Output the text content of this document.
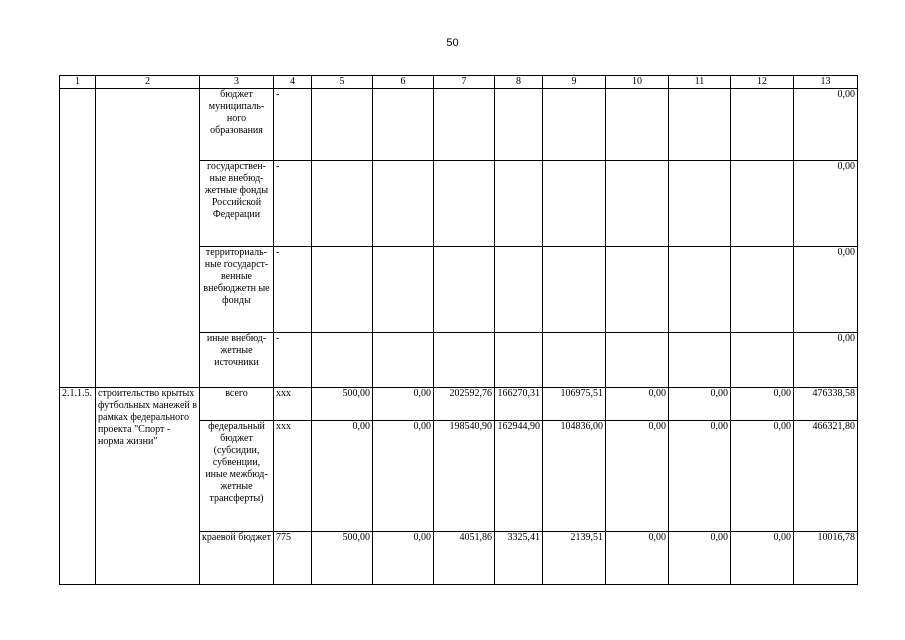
50
1	2	3	4	5	6	7	8	9	10	11	12	13
		бюджет муниципаль-ного образования	-									0,00
		государствен-ные внебюд-жетные фонды Российской Федерации	-									0,00
		территориаль-ные государст-венные внебюджетн ые фонды	-									0,00
		иные внебюд-жетные источники	-									0,00
2.1.1.5.	строительство крытых футбольных манежей в рамках федерального проекта "Спорт - норма жизни"	всего	ххх	500,00	0,00	202592,76	166270,31	106975,51	0,00	0,00	0,00	476338,58
		федеральный бюджет (субсидии, субвенции, иные межбюд-жетные трансферты)	ххх	0,00	0,00	198540,90	162944,90	104836,00	0,00	0,00	0,00	466321,80
		краевой бюджет	775	500,00	0,00	4051,86	3325,41	2139,51	0,00	0,00	0,00	10016,78
